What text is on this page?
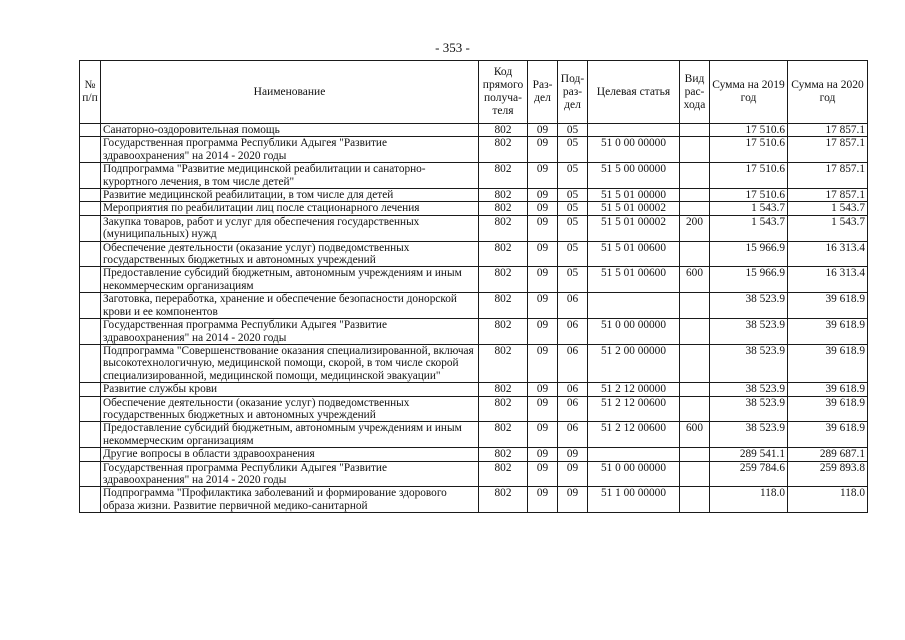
- 353 -
№ п/п	Наименование	Код прямого получа-теля	Раз-дел	Под-раз-дел	Целевая статья	Вид рас-хода	Сумма на 2019 год	Сумма на 2020 год
	Санаторно-оздоровительная помощь	802	09	05			17 510.6	17 857.1
	Государственная программа Республики Адыгея "Развитие здравоохранения" на 2014 - 2020 годы	802	09	05	51 0 00 00000		17 510.6	17 857.1
	Подпрограмма "Развитие медицинской реабилитации и санаторно-курортного лечения, в том числе детей"	802	09	05	51 5 00 00000		17 510.6	17 857.1
	Развитие медицинской реабилитации, в том числе для детей	802	09	05	51 5 01 00000		17 510.6	17 857.1
	Мероприятия по реабилитации лиц после стационарного лечения	802	09	05	51 5 01 00002		1 543.7	1 543.7
	Закупка товаров, работ и услуг для обеспечения государственных (муниципальных) нужд	802	09	05	51 5 01 00002	200	1 543.7	1 543.7
	Обеспечение деятельности (оказание услуг) подведомственных государственных бюджетных и автономных учреждений	802	09	05	51 5 01 00600		15 966.9	16 313.4
	Предоставление субсидий бюджетным, автономным учреждениям и иным некоммерческим организациям	802	09	05	51 5 01 00600	600	15 966.9	16 313.4
	Заготовка, переработка, хранение и обеспечение безопасности донорской крови и ее компонентов	802	09	06			38 523.9	39 618.9
	Государственная программа Республики Адыгея "Развитие здравоохранения" на 2014 - 2020 годы	802	09	06	51 0 00 00000		38 523.9	39 618.9
	Подпрограмма "Совершенствование оказания специализированной, включая высокотехнологичную, медицинской помощи, скорой, в том числе скорой специализированной, медицинской помощи, медицинской эвакуации"	802	09	06	51 2 00 00000		38 523.9	39 618.9
	Развитие службы крови	802	09	06	51 2 12 00000		38 523.9	39 618.9
	Обеспечение деятельности (оказание услуг) подведомственных государственных бюджетных и автономных учреждений	802	09	06	51 2 12 00600		38 523.9	39 618.9
	Предоставление субсидий бюджетным, автономным учреждениям и иным некоммерческим организациям	802	09	06	51 2 12 00600	600	38 523.9	39 618.9
	Другие вопросы в области здравоохранения	802	09	09			289 541.1	289 687.1
	Государственная программа Республики Адыгея "Развитие здравоохранения" на 2014 - 2020 годы	802	09	09	51 0 00 00000		259 784.6	259 893.8
	Подпрограмма "Профилактика заболеваний и формирование здорового образа жизни. Развитие первичной медико-санитарной	802	09	09	51 1 00 00000		118.0	118.0
